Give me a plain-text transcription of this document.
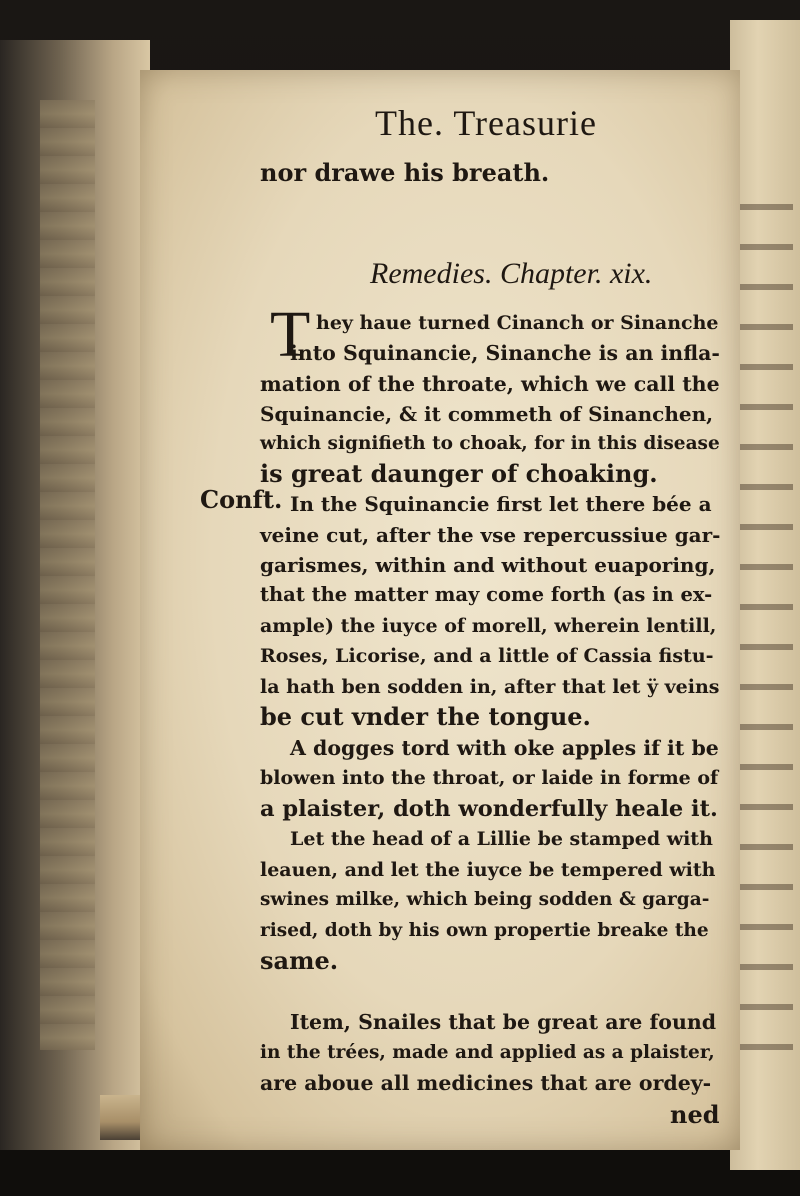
The. Treasurie
nor drawe his breath.
Remedies. Chapter. xix.
T hey haue turned Cinanch or Sinanche
into Squinancie, Sinanche is an infla-
mation of the throate, which we call the
Squinancie, & it commeth of Sinanchen,
which signifieth to choak, for in this disease
is great daunger of choaking.
Conft. In the Squinancie first let there bée a
veine cut, after the vse repercussiue gar-
garismes, within and without euaporing,
that the matter may come forth (as in ex-
ample) the iuyce of morell, wherein lentill,
Roses, Licorise, and a little of Cassia fistu-
la hath ben sodden in, after that let ÿ veins
be cut vnder the tongue.
A dogges tord with oke apples if it be
blowen into the throat, or laide in forme of
a plaister, doth wonderfully heale it.
Let the head of a Lillie be stamped with
leauen, and let the iuyce be tempered with
swines milke, which being sodden & garga-
rised, doth by his own propertie breake the
same.
Item, Snailes that be great are found
in the trées, made and applied as a plaister,
are aboue all medicines that are ordey-
ned
